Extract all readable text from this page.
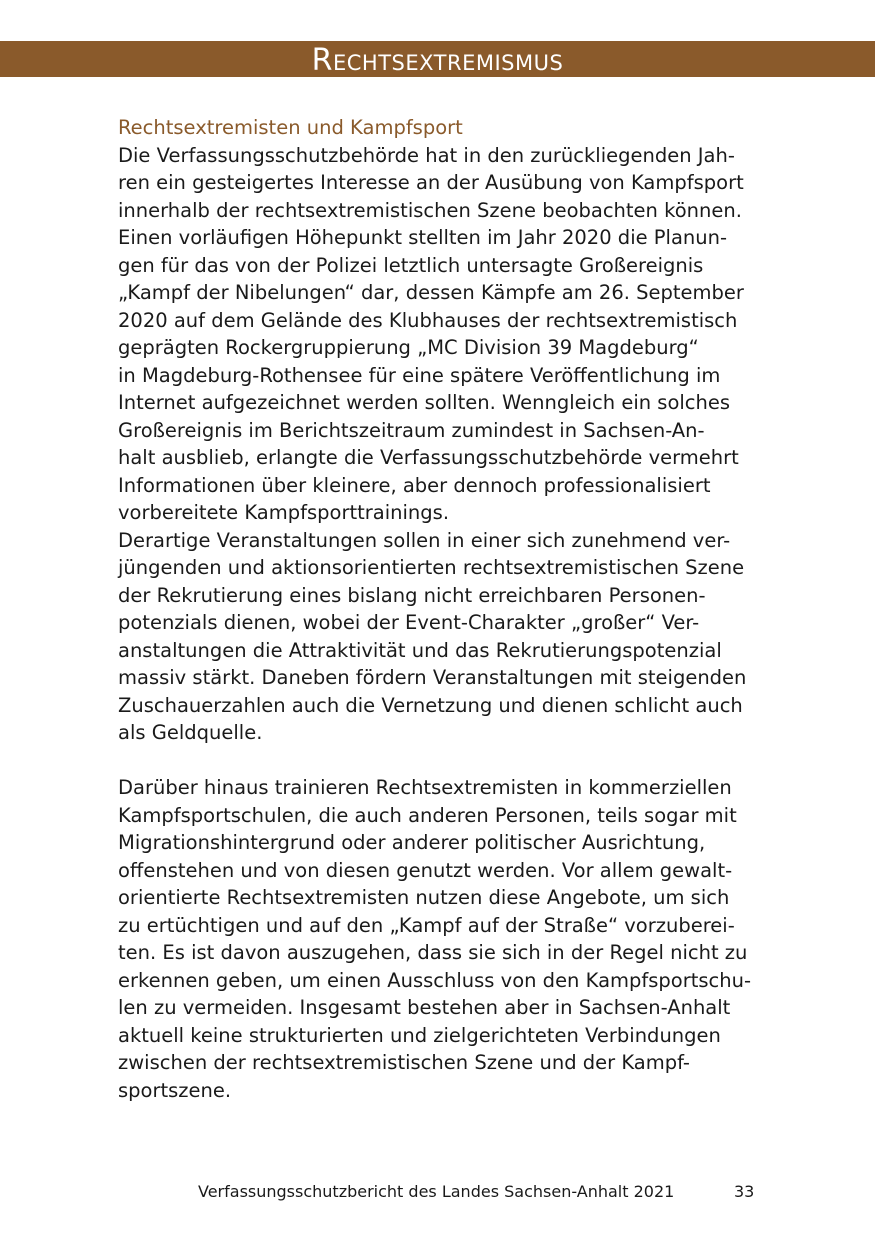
Rechtsextremismus
Rechtsextremisten und Kampfsport

Die Verfassungsschutzbehörde hat in den zurückliegenden Jah-
ren ein gesteigertes Interesse an der Ausübung von Kampfsport
innerhalb der rechtsextremistischen Szene beobachten können.
Einen vorläufigen Höhepunkt stellten im Jahr 2020 die Planun-
gen für das von der Polizei letztlich untersagte Großereignis
„Kampf der Nibelungen“ dar, dessen Kämpfe am 26. September
2020 auf dem Gelände des Klubhauses der rechtsextremistisch
geprägten Rockergruppierung „MC Division 39 Magdeburg“
in Magdeburg-Rothensee für eine spätere Veröffentlichung im
Internet aufgezeichnet werden sollten. Wenngleich ein solches
Großereignis im Berichtszeitraum zumindest in Sachsen-An-
halt ausblieb, erlangte die Verfassungsschutzbehörde vermehrt
Informationen über kleinere, aber dennoch professionalisiert
vorbereitete Kampfsporttrainings.

Derartige Veranstaltungen sollen in einer sich zunehmend ver-
jüngenden und aktionsorientierten rechtsextremistischen Szene
der Rekrutierung eines bislang nicht erreichbaren Personen-
potenzials dienen, wobei der Event-Charakter „großer“ Ver-
anstaltungen die Attraktivität und das Rekrutierungspotenzial
massiv stärkt. Daneben fördern Veranstaltungen mit steigenden
Zuschauerzahlen auch die Vernetzung und dienen schlicht auch
als Geldquelle.

Darüber hinaus trainieren Rechtsextremisten in kommerziellen
Kampfsportschulen, die auch anderen Personen, teils sogar mit
Migrationshintergrund oder anderer politischer Ausrichtung,
offenstehen und von diesen genutzt werden. Vor allem gewalt-
orientierte Rechtsextremisten nutzen diese Angebote, um sich
zu ertüchtigen und auf den „Kampf auf der Straße“ vorzuberei-
ten. Es ist davon auszugehen, dass sie sich in der Regel nicht zu
erkennen geben, um einen Ausschluss von den Kampfsportschu-
len zu vermeiden. Insgesamt bestehen aber in Sachsen-Anhalt
aktuell keine strukturierten und zielgerichteten Verbindungen
zwischen der rechtsextremistischen Szene und der Kampf-
sportszene.

Verfassungsschutzbericht des Landes Sachsen-Anhalt 2021	33
